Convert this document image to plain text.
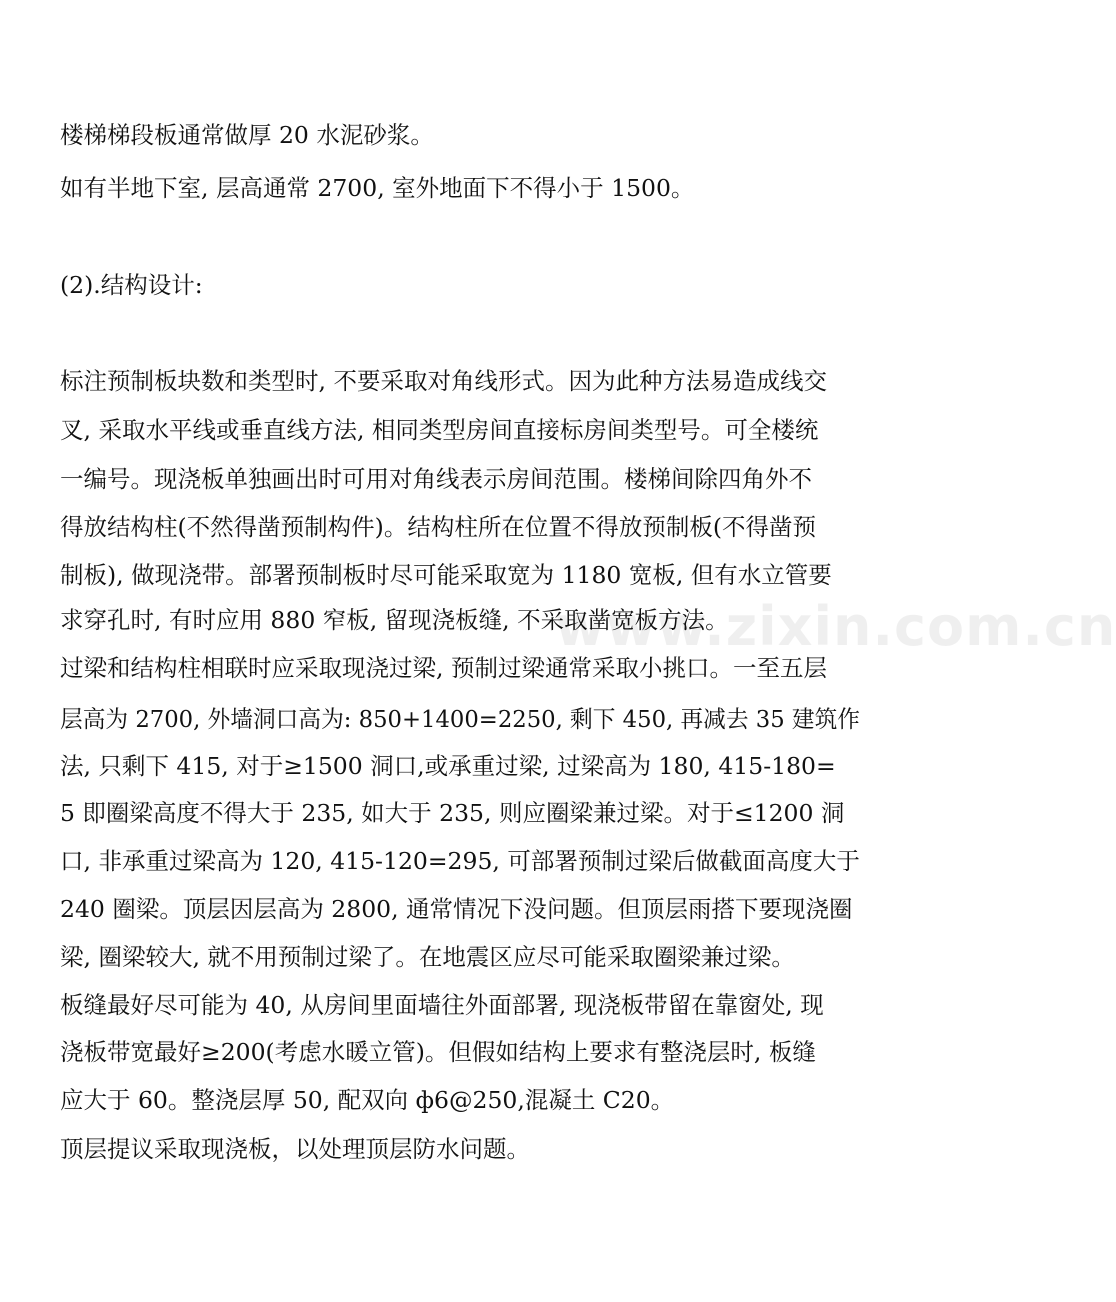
楼梯梯段板通常做厚 20 水泥砂浆。
如有半地下室, 层高通常 2700, 室外地面下不得小于 1500。
(2).结构设计:
标注预制板块数和类型时, 不要采取对角线形式。因为此种方法易造成线交
叉, 采取水平线或垂直线方法, 相同类型房间直接标房间类型号。可全楼统
一编号。现浇板单独画出时可用对角线表示房间范围。楼梯间除四角外不
得放结构柱(不然得凿预制构件)。结构柱所在位置不得放预制板(不得凿预
制板), 做现浇带。部署预制板时尽可能采取宽为 1180 宽板, 但有水立管要
求穿孔时, 有时应用 880 窄板, 留现浇板缝, 不采取凿宽板方法。
过梁和结构柱相联时应采取现浇过梁, 预制过梁通常采取小挑口。一至五层
层高为 2700, 外墙洞口高为: 850+1400=2250, 剩下 450, 再减去 35 建筑作
法, 只剩下 415, 对于≥1500 洞口,或承重过梁, 过梁高为 180, 415-180=
5 即圈梁高度不得大于 235, 如大于 235, 则应圈梁兼过梁。对于≤1200 洞
口, 非承重过梁高为 120, 415-120=295, 可部署预制过梁后做截面高度大于
240 圈梁。顶层因层高为 2800, 通常情况下没问题。但顶层雨搭下要现浇圈
梁, 圈梁较大, 就不用预制过梁了。在地震区应尽可能采取圈梁兼过梁。
板缝最好尽可能为 40, 从房间里面墙往外面部署, 现浇板带留在靠窗处, 现
浇板带宽最好≥200(考虑水暖立管)。但假如结构上要求有整浇层时, 板缝
应大于 60。整浇层厚 50, 配双向 ф6@250,混凝土 C20。
顶层提议采取现浇板，以处理顶层防水问题。
www.zixin.com.cn
